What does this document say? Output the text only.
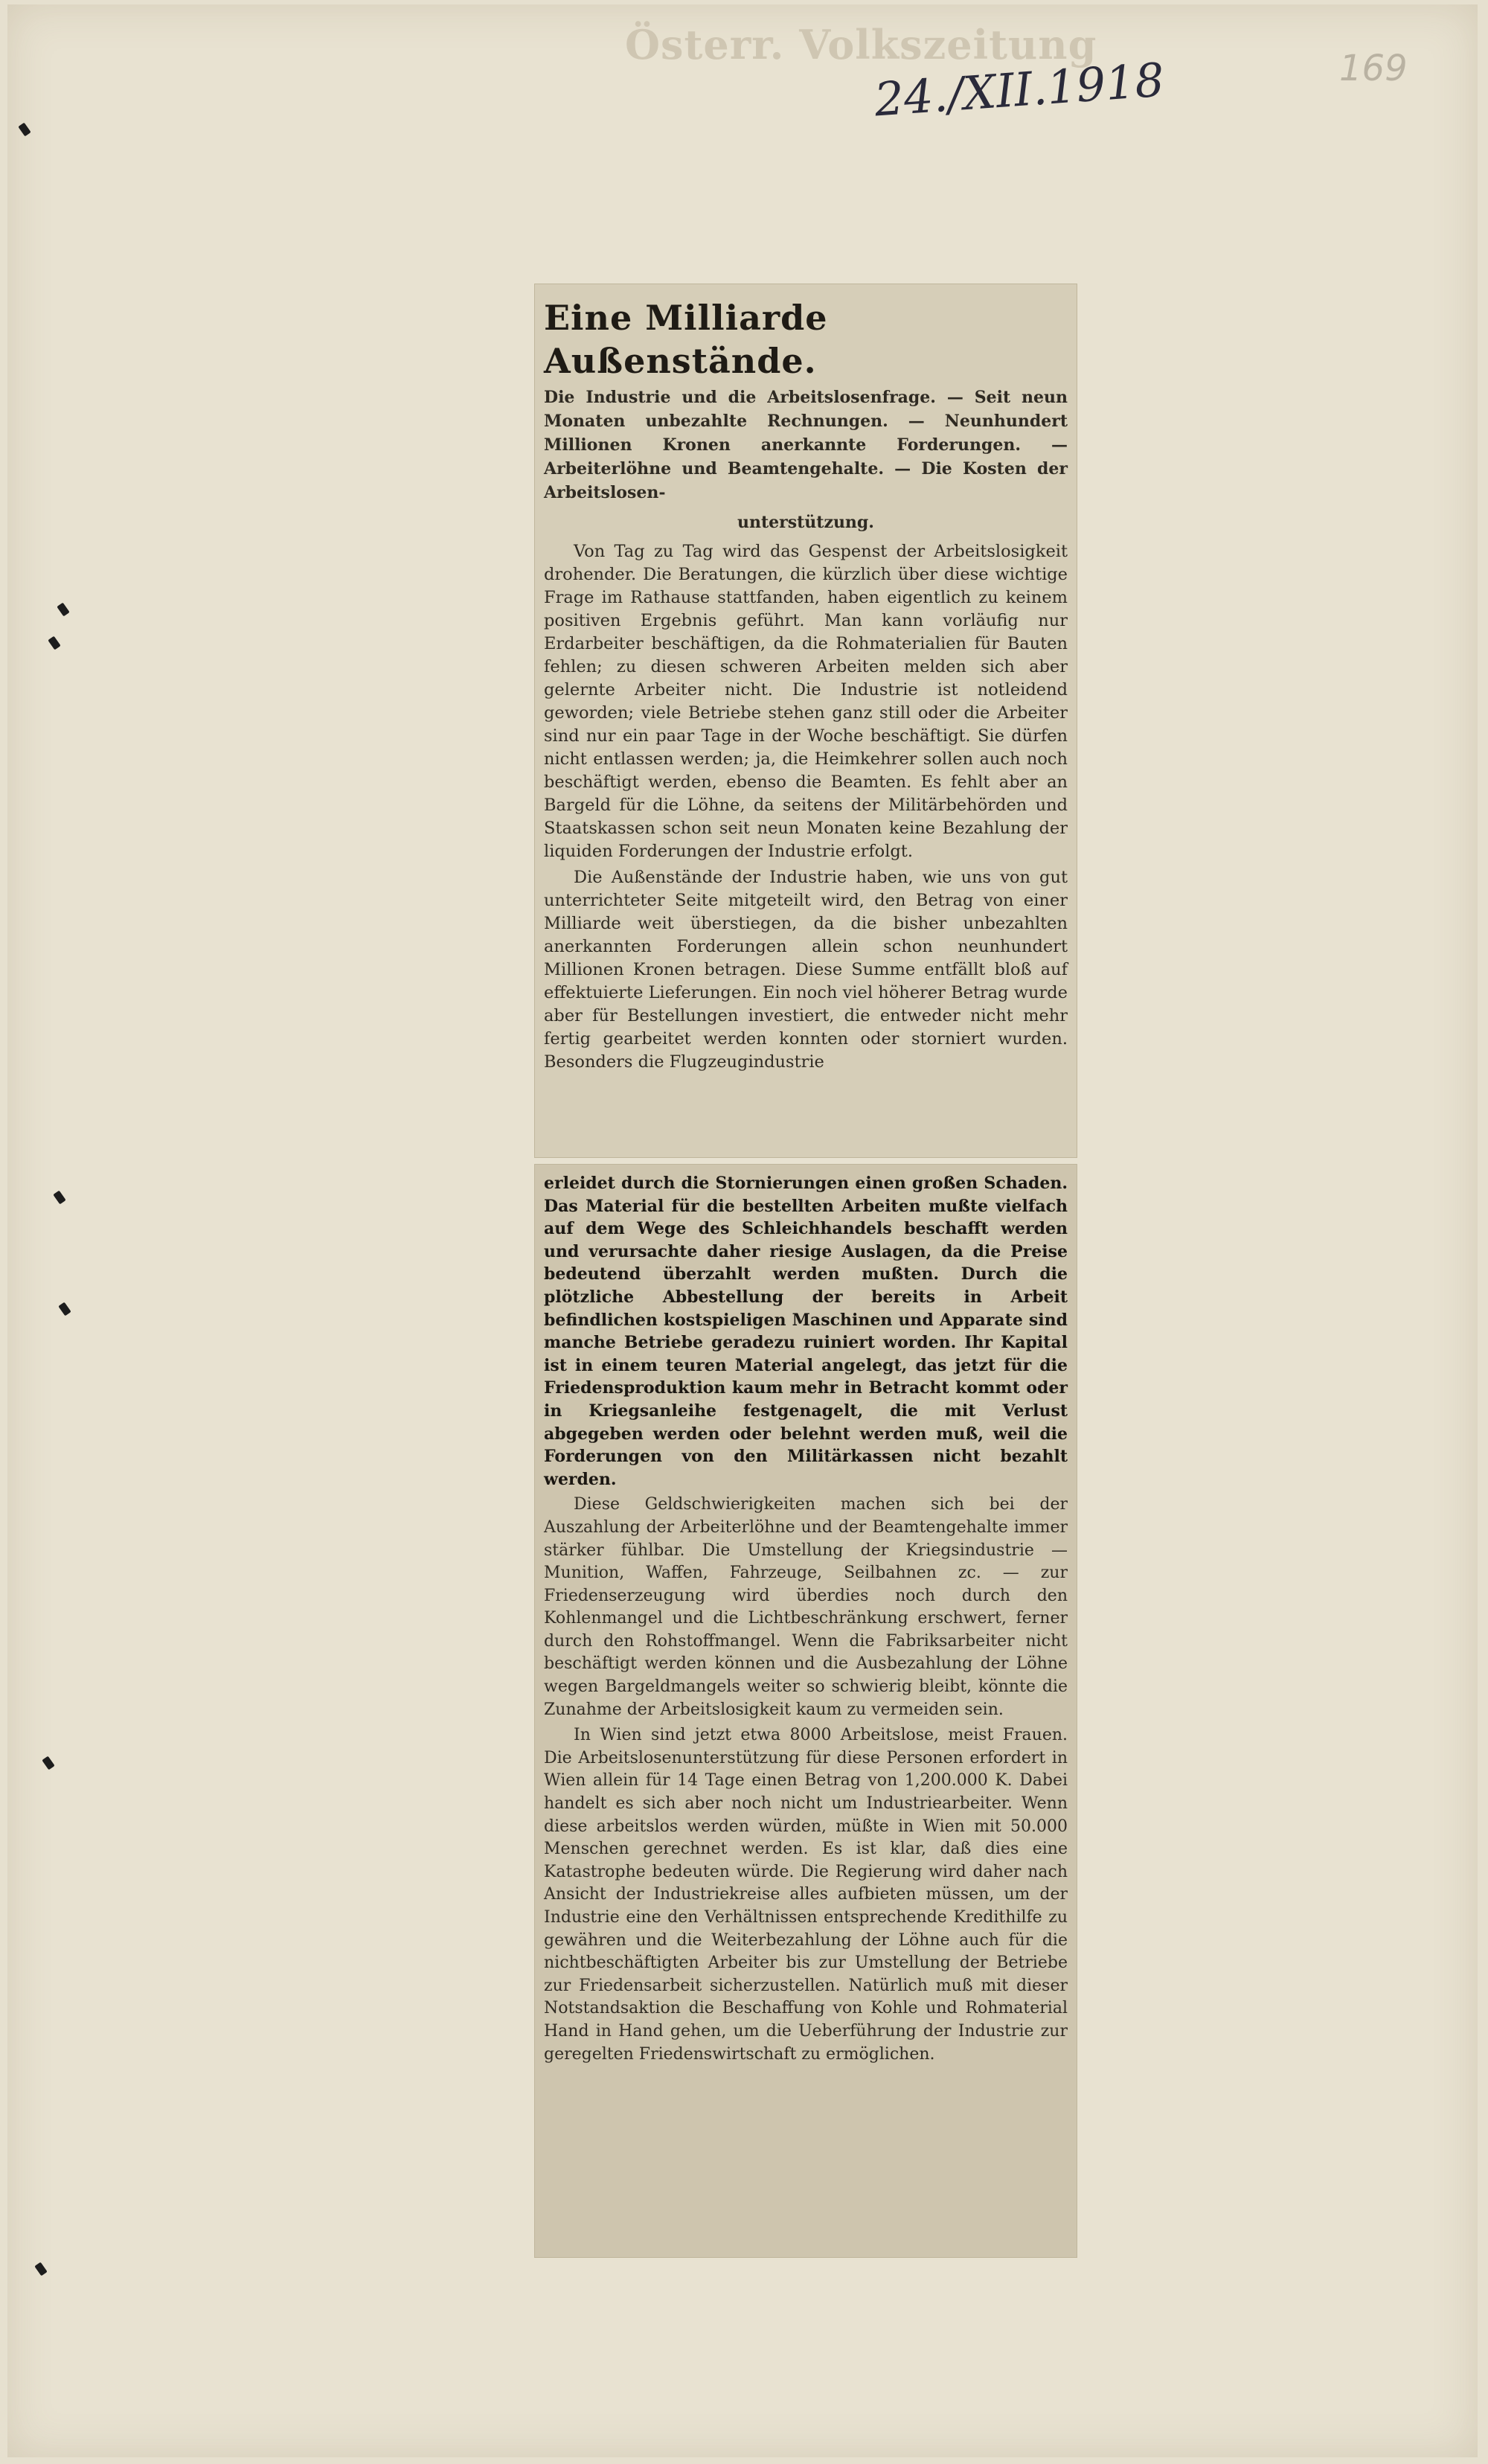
Österr. Volkszeitung
24./XII.1918	169
Eine Milliarde Außenstände.
Die Industrie und die Arbeitslosenfrage. — Seit neun Monaten unbezahlte Rechnungen. — Neunhundert Millionen Kronen anerkannte Forderungen. — Arbeiterlöhne und Beamtengehalte. — Die Kosten der Arbeitslosen-
unterstützung.

Von Tag zu Tag wird das Gespenst der Arbeitslosigkeit drohender. Die Beratungen, die kürzlich über diese wichtige Frage im Rathause stattfanden, haben eigentlich zu keinem positiven Ergebnis geführt. Man kann vorläufig nur Erdarbeiter beschäftigen, da die Rohmaterialien für Bauten fehlen; zu diesen schweren Arbeiten melden sich aber gelernte Arbeiter nicht. Die Industrie ist notleidend geworden; viele Betriebe stehen ganz still oder die Arbeiter sind nur ein paar Tage in der Woche beschäftigt. Sie dürfen nicht entlassen werden; ja, die Heimkehrer sollen auch noch beschäftigt werden, ebenso die Beamten. Es fehlt aber an Bargeld für die Löhne, da seitens der Militärbehörden und Staatskassen schon seit neun Monaten keine Bezahlung der liquiden Forderungen der Industrie erfolgt.

Die Außenstände der Industrie haben, wie uns von gut unterrichteter Seite mitgeteilt wird, den Betrag von einer Milliarde weit überstiegen, da die bisher unbezahlten anerkannten Forderungen allein schon neunhundert Millionen Kronen betragen. Diese Summe entfällt bloß auf effektuierte Lieferungen. Ein noch viel höherer Betrag wurde aber für Bestellungen investiert, die entweder nicht mehr fertig gearbeitet werden konnten oder storniert wurden. Besonders die Flugzeugindustrie

erleidet durch die Stornierungen einen großen Schaden. Das Material für die bestellten Arbeiten mußte vielfach auf dem Wege des Schleichhandels beschafft werden und verursachte daher riesige Auslagen, da die Preise bedeutend überzahlt werden mußten. Durch die plötzliche Abbestellung der bereits in Arbeit befindlichen kostspieligen Maschinen und Apparate sind manche Betriebe geradezu ruiniert worden. Ihr Kapital ist in einem teuren Material angelegt, das jetzt für die Friedensproduktion kaum mehr in Betracht kommt oder in Kriegsanleihe festgenagelt, die mit Verlust abgegeben werden oder belehnt werden muß, weil die Forderungen von den Militärkassen nicht bezahlt werden.

Diese Geldschwierigkeiten machen sich bei der Auszahlung der Arbeiterlöhne und der Beamtengehalte immer stärker fühlbar. Die Umstellung der Kriegsindustrie — Munition, Waffen, Fahrzeuge, Seilbahnen zc. — zur Friedenserzeugung wird überdies noch durch den Kohlenmangel und die Lichtbeschränkung erschwert, ferner durch den Rohstoffmangel. Wenn die Fabriksarbeiter nicht beschäftigt werden können und die Ausbezahlung der Löhne wegen Bargeldmangels weiter so schwierig bleibt, könnte die Zunahme der Arbeitslosigkeit kaum zu vermeiden sein.

In Wien sind jetzt etwa 8000 Arbeitslose, meist Frauen. Die Arbeitslosenunterstützung für diese Personen erfordert in Wien allein für 14 Tage einen Betrag von 1,200.000 K. Dabei handelt es sich aber noch nicht um Industriearbeiter. Wenn diese arbeitslos werden würden, müßte in Wien mit 50.000 Menschen gerechnet werden. Es ist klar, daß dies eine Katastrophe bedeuten würde. Die Regierung wird daher nach Ansicht der Industriekreise alles aufbieten müssen, um der Industrie eine den Verhältnissen entsprechende Kredithilfe zu gewähren und die Weiterbezahlung der Löhne auch für die nichtbeschäftigten Arbeiter bis zur Umstellung der Betriebe zur Friedensarbeit sicherzustellen. Natürlich muß mit dieser Notstandsaktion die Beschaffung von Kohle und Rohmaterial Hand in Hand gehen, um die Ueberführung der Industrie zur geregelten Friedenswirtschaft zu ermöglichen.
